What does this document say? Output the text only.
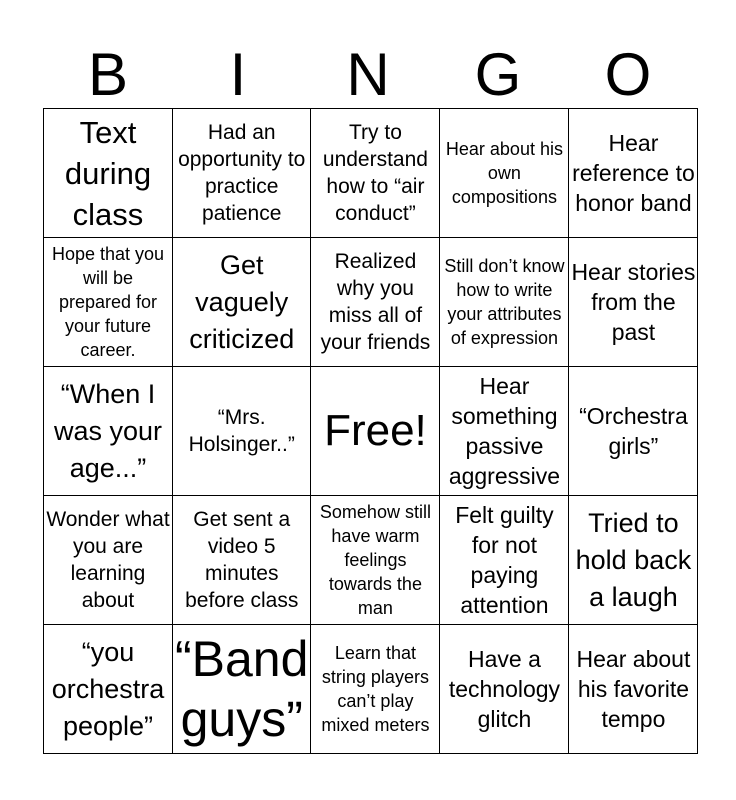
B	I	N	G	O
Text during class	Had an opportunity to practice patience	Try to understand how to “air conduct”	Hear about his own compositions	Hear reference to honor band

Hope that you will be prepared for your future career.	Get vaguely criticized	Realized why you miss all of your friends	Still don’t know how to write your attributes of expression	Hear stories from the past

“When I was your age...”	“Mrs. Holsinger..”	Free!	Hear something passive aggressive	“Orchestra girls”

Wonder what you are learning about	Get sent a video 5 minutes before class	Somehow still have warm feelings towards the man	Felt guilty for not paying attention	Tried to hold back a laugh

“you orchestra people”	“Band guys”	Learn that string players can’t play mixed meters	Have a technology glitch	Hear about his favorite tempo
